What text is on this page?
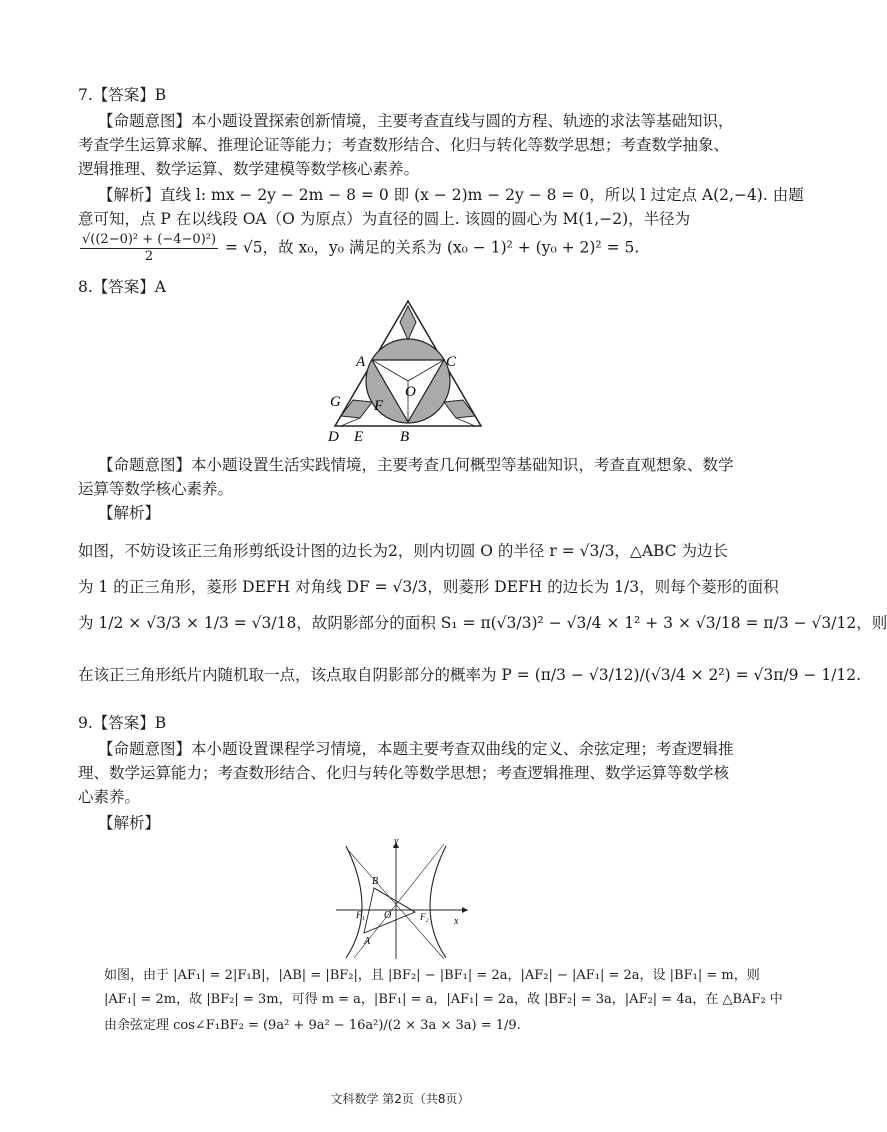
7.【答案】B
【命题意图】本小题设置探索创新情境，主要考查直线与圆的方程、轨迹的求法等基础知识，
考查学生运算求解、推理论证等能力；考查数形结合、化归与转化等数学思想；考查数学抽象、
逻辑推理、数学运算、数学建模等数学核心素养。
【解析】直线 l: mx − 2y − 2m − 8 = 0 即 (x − 2)m − 2y − 8 = 0，所以 l 过定点 A(2,−4). 由题
意可知，点 P 在以线段 OA（O 为原点）为直径的圆上. 该圆的圆心为 M(1,−2)，半径为
$\frac{\text{√((2−0)² + (−4−0)²)}}{2} = √5$，故 x₀，y₀ 满足的关系为 (x₀ − 1)² + (y₀ + 2)² = 5.
8.【答案】A
A	C
O
G F
D E B
【命题意图】本小题设置生活实践情境，主要考查几何概型等基础知识，考查直观想象、数学
运算等数学核心素养。
【解析】
如图，不妨设该正三角形剪纸设计图的边长为2，则内切圆 O 的半径 r = √3/3，△ABC 为边长
为 1 的正三角形，菱形 DEFH 对角线 DF = √3/3，则菱形 DEFH 的边长为 1/3，则每个菱形的面积
为 1/2 × √3/3 × 1/3 = √3/18，故阴影部分的面积 S₁ = π(√3/3)² − √3/4 × 1² + 3 × √3/18 = π/3 − √3/12，则
在该正三角形纸片内随机取一点，该点取自阴影部分的概率为 P = (π/3 − √3/12)/(√3/4 × 2²) = √3π/9 − 1/12.
9.【答案】B
【命题意图】本小题设置课程学习情境，本题主要考查双曲线的定义、余弦定理；考查逻辑推
理、数学运算能力；考查数形结合、化归与转化等数学思想；考查逻辑推理、数学运算等数学核
心素养。
【解析】
y
x
B
A
O
F₁	F₂
如图，由于 |AF₁| = 2|F₁B|，|AB| = |BF₂|，且 |BF₂| − |BF₁| = 2a，|AF₂| − |AF₁| = 2a，设 |BF₁| = m，则
|AF₁| = 2m，故 |BF₂| = 3m，可得 m = a，|BF₁| = a，|AF₁| = 2a，故 |BF₂| = 3a，|AF₂| = 4a，在 △BAF₂ 中
由余弦定理 cos∠F₁BF₂ = (9a² + 9a² − 16a²)/(2 × 3a × 3a) = 1/9.
文科数学 第2页（共8页）
